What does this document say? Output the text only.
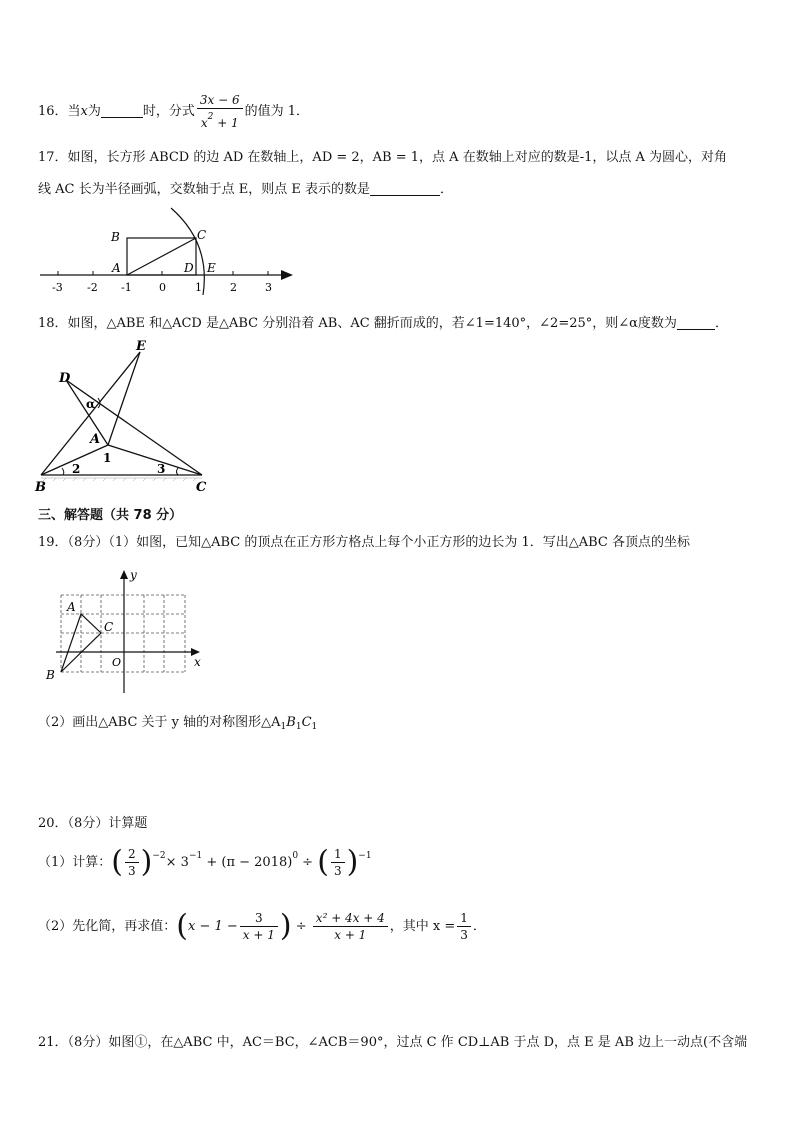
16．当x为	时，分式 $\frac{3x - 6}{x^2 + 1}$ 的值为 1．
17．如图，长方形 ABCD 的边 AD 在数轴上，AD = 2，AB = 1，点 A 在数轴上对应的数是-1，以点 A 为圆心，对角
线 AC 长为半径画弧，交数轴于点 E，则点 E 表示的数是	．
B	C
A	D E
-3 -2 -1 0	1	2	3
18．如图，△ABE 和△ACD 是△ABC 分别沿着 AB、AC 翻折而成的，若∠1=140°，∠2=25°，则∠α度数为	．
E
D
α
A
1
2	3
B	C
三、解答题（共 78 分）
19．（8分）（1）如图，已知△ABC 的顶点在正方形方格点上每个小正方形的边长为 1．写出△ABC 各顶点的坐标
y
x
O
A
B
C
（2）画出△ABC 关于 y 轴的对称图形$\triangle A_1B_1C_1$
20．（8分）计算题
（1）计算：( $\frac{2}{3} )^{-2}\times 3^{-1} + (\pi - 2018)^0$ ÷ ( $\frac{1}{3} )^{-1}$
（2）先化简，再求值：($x - 1 - \frac{3}{x + 1}$ ) ÷ $\frac{\text{x² + 4x + 4}}{x + 1}$ ，其中 $x = \frac{1}{3}$ ．
21．（8分）如图①，在△ABC 中，AC＝BC，∠ACB＝90°，过点 C 作 CD⊥AB 于点 D，点 E 是 AB 边上一动点(不含端
